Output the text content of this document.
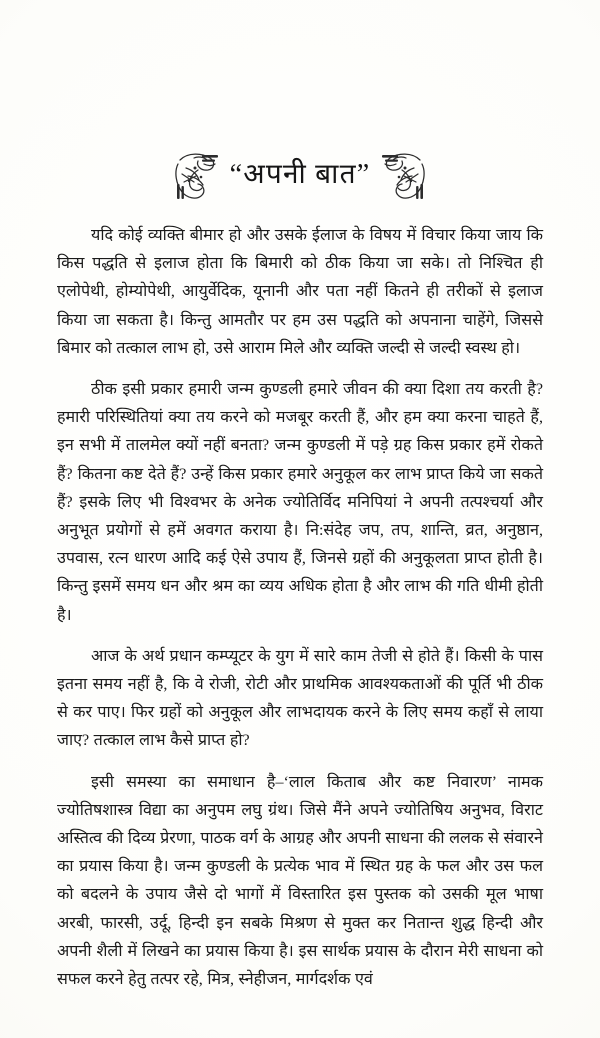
“अपनी बात”

यदि कोई व्यक्ति बीमार हो और उसके ईलाज के विषय में विचार किया जाय कि किस पद्धति से इलाज होता कि बिमारी को ठीक किया जा सके। तो निश्चित ही एलोपेथी, होम्योपेथी, आयुर्वेदिक, यूनानी और पता नहीं कितने ही तरीकों से इलाज किया जा सकता है। किन्तु आमतौर पर हम उस पद्धति को अपनाना चाहेंगे, जिससे बिमार को तत्काल लाभ हो, उसे आराम मिले और व्यक्ति जल्दी से जल्दी स्वस्थ हो।

ठीक इसी प्रकार हमारी जन्म कुण्डली हमारे जीवन की क्या दिशा तय करती है? हमारी परिस्थितियां क्या तय करने को मजबूर करती हैं, और हम क्या करना चाहते हैं, इन सभी में तालमेल क्यों नहीं बनता? जन्म कुण्डली में पड़े ग्रह किस प्रकार हमें रोकते हैं? कितना कष्ट देते हैं? उन्हें किस प्रकार हमारे अनुकूल कर लाभ प्राप्त किये जा सकते हैं? इसके लिए भी विश्वभर के अनेक ज्योतिर्विद मनिपियां ने अपनी तत्पश्चर्या और अनुभूत प्रयोगों से हमें अवगत कराया है। नि:संदेह जप, तप, शान्ति, व्रत, अनुष्ठान, उपवास, रत्न धारण आदि कई ऐसे उपाय हैं, जिनसे ग्रहों की अनुकूलता प्राप्त होती है। किन्तु इसमें समय धन और श्रम का व्यय अधिक होता है और लाभ की गति धीमी होती है।

आज के अर्थ प्रधान कम्प्यूटर के युग में सारे काम तेजी से होते हैं। किसी के पास इतना समय नहीं है, कि वे रोजी, रोटी और प्राथमिक आवश्यकताओं की पूर्ति भी ठीक से कर पाए। फिर ग्रहों को अनुकूल और लाभदायक करने के लिए समय कहाँ से लाया जाए? तत्काल लाभ कैसे प्राप्त हो?

इसी समस्या का समाधान है–‘लाल किताब और कष्ट निवारण’ नामक ज्योतिषशास्त्र विद्या का अनुपम लघु ग्रंथ। जिसे मैंने अपने ज्योतिषिय अनुभव, विराट अस्तित्व की दिव्य प्रेरणा, पाठक वर्ग के आग्रह और अपनी साधना की ललक से संवारने का प्रयास किया है। जन्म कुण्डली के प्रत्येक भाव में स्थित ग्रह के फल और उस फल को बदलने के उपाय जैसे दो भागों में विस्तारित इस पुस्तक को उसकी मूल भाषा अरबी, फारसी, उर्दू, हिन्दी इन सबके मिश्रण से मुक्त कर नितान्त शुद्ध हिन्दी और अपनी शैली में लिखने का प्रयास किया है। इस सार्थक प्रयास के दौरान मेरी साधना को सफल करने हेतु तत्पर रहे, मित्र, स्नेहीजन, मार्गदर्शक एवं
